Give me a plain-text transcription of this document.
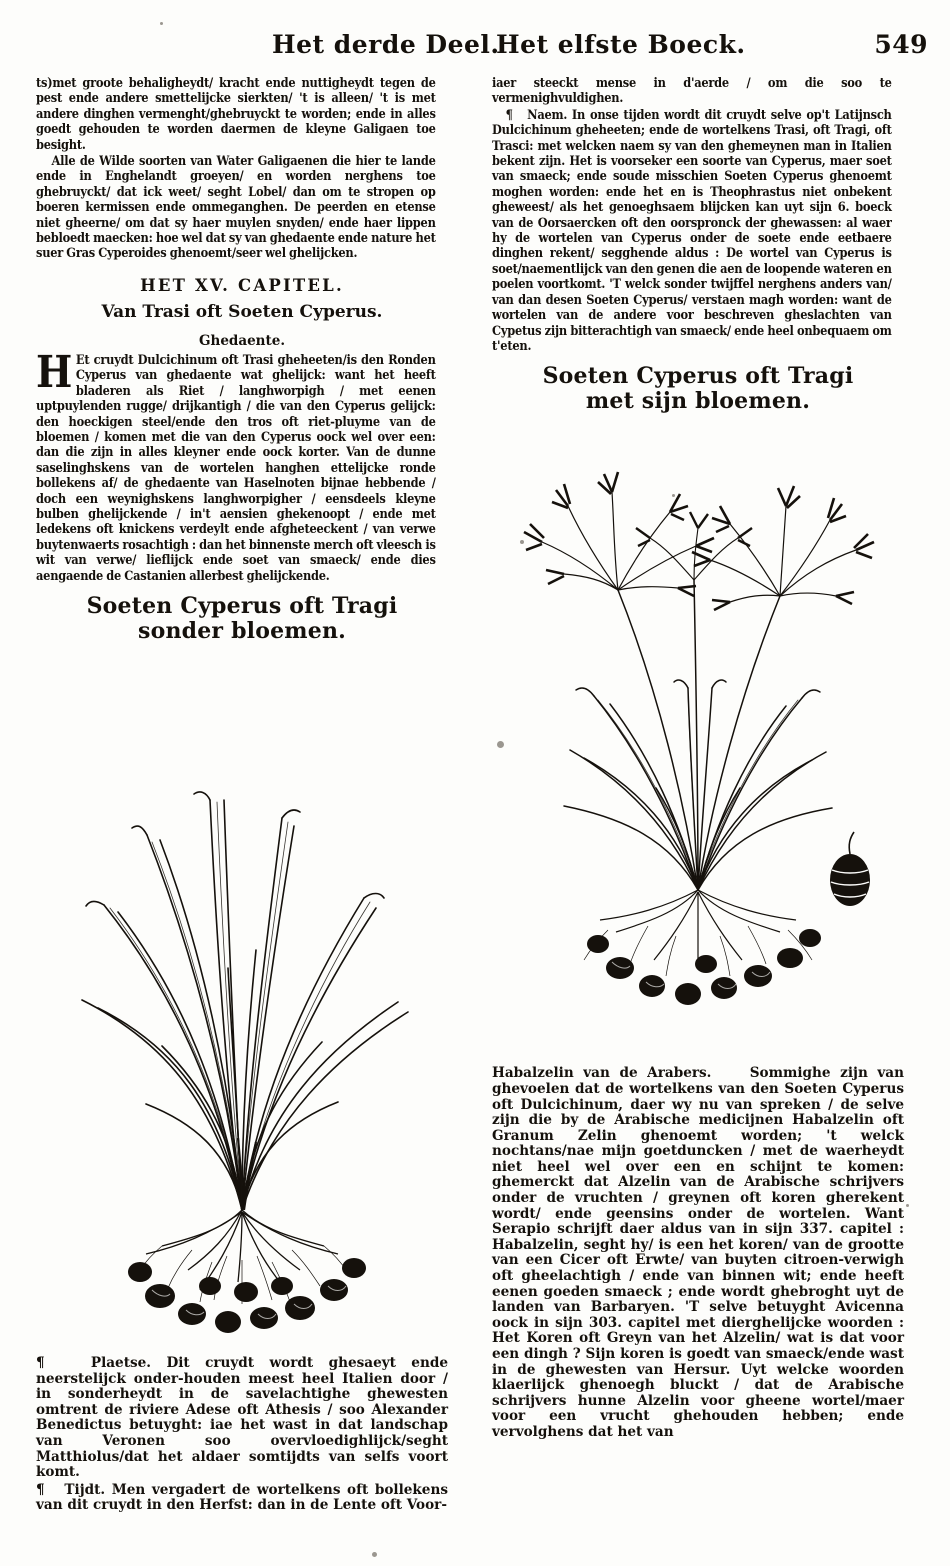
Het derde Deel.
Het elfste Boeck.	549

ts)met groote behaligheydt/ kracht ende nuttigheydt tegen de pest ende andere smettelijcke sierkten/ 't is alleen/ 't is met andere dinghen vermenght/ghebruyckt te worden; ende in alles goedt gehouden te worden daermen de kleyne Galigaen toe besight.

Alle de Wilde soorten van Water Galigaenen die hier te lande ende in Enghelandt groeyen/ en worden nerghens toe ghebruyckt/ dat ick weet/ seght Lobel/ dan om te stropen op boeren kermissen ende ommeganghen. De peerden en etense niet gheerne/ om dat sy haer muylen snyden/ ende haer lippen bebloedt maecken: hoe wel dat sy van ghedaente ende nature het suer Gras Cyperoides ghenoemt/seer wel ghelijcken.

HET XV. CAPITEL.
Van Trasi oft Soeten Cyperus.
Ghedaente.
H Et cruydt Dulcichinum oft Trasi gheheeten/is den Ronden Cyperus van ghedaente wat ghelijck: want het heeft bladeren als Riet / langhworpigh / met eenen uptpuylenden rugge/ drijkantigh / die van den Cyperus gelijck: den hoeckigen steel/ende den tros oft riet-pluyme van de bloemen / komen met die van den Cyperus oock wel over een: dan die zijn in alles kleyner ende oock korter. Van de dunne saselinghskens van de wortelen hanghen ettelijcke ronde bollekens af/ de ghedaente van Haselnoten bijnae hebbende / doch een weynighskens langhworpigher / eensdeels kleyne bulben ghelijckende / in't aensien ghekenoopt / ende met ledekens oft knickens verdeylt ende afgheteeckent / van verwe buytenwaerts rosachtigh : dan het binnenste merch oft vleesch is wit van verwe/ lieflijck ende soet van smaeck/ ende dies aengaende de Castanien allerbest ghelijckende.
Soeten Cyperus oft Tragi
sonder bloemen.

¶   Plaetse. Dit cruydt wordt ghesaeyt ende neerstelijck onder-houden meest heel Italien door / in sonderheydt in de savelachtighe ghewesten omtrent de riviere Adese oft Athesis / soo Alexander Benedictus betuyght: iae het wast in dat landschap van Veronen soo overvloedighlijck/seght Matthiolus/dat het aldaer somtijdts van selfs voort komt.

¶   Tijdt. Men vergadert de wortelkens oft bollekens van dit cruydt in den Herfst: dan in de Lente oft Voor-

iaer steeckt mense in d'aerde / om die soo te vermenighvuldighen.

¶   Naem. In onse tijden wordt dit cruydt selve op't Latijnsch Dulcichinum gheheeten; ende de wortelkens Trasi, oft Tragi, oft Trasci: met welcken naem sy van den ghemeynen man in Italien bekent zijn. Het is voorseker een soorte van Cyperus, maer soet van smaeck; ende soude misschien Soeten Cyperus ghenoemt moghen worden: ende het en is Theophrastus niet onbekent gheweest/ als het genoeghsaem blijcken kan uyt sijn 6. boeck van de Oorsaercken oft den oorspronck der ghewassen: al waer hy de wortelen van Cyperus onder de soete ende eetbaere dinghen rekent/ segghende aldus : De wortel van Cyperus is soet/naementlijck van den genen die aen de loopende wateren en poelen voortkomt. 'T welck sonder twijffel nerghens anders van/ van dan desen Soeten Cyperus/ verstaen magh worden: want de wortelen van de andere voor beschreven gheslachten van Cypetus zijn bitterachtigh van smaeck/ ende heel onbequaem om t'eten.

Soeten Cyperus oft Tragi
met sijn bloemen.

Habalzelin van de Arabers.	Sommighe zijn van ghevoelen dat de wortelkens van den Soeten Cyperus oft Dulcichinum, daer wy nu van spreken / de selve zijn die by de Arabische medicijnen Habalzelin oft Granum Zelin ghenoemt worden; 't welck nochtans/nae mijn goetduncken / met de waerheydt niet heel wel over een en schijnt te komen: ghemerckt dat Alzelin van de Arabische schrijvers onder de vruchten / greynen oft koren gherekent wordt/ ende geensins onder de wortelen. Want Serapio schrijft daer aldus van in sijn 337. capitel : Habalzelin, seght hy/ is een het koren/ van de grootte van een Cicer oft Erwte/ van buyten citroen-verwigh oft gheelachtigh / ende van binnen wit; ende heeft eenen goeden smaeck ; ende wordt ghebroght uyt de landen van Barbaryen. 'T selve betuyght Avicenna oock in sijn 303. capitel met dierghelijcke woorden : Het Koren oft Greyn van het Alzelin/ wat is dat voor een dingh ? Sijn koren is goedt van smaeck/ende wast in de ghewesten van Hersur. Uyt welcke woorden klaerlijck ghenoegh bluckt / dat de Arabische schrijvers hunne Alzelin voor gheene wortel/maer voor een vrucht ghehouden hebben; ende vervolghens dat het van
